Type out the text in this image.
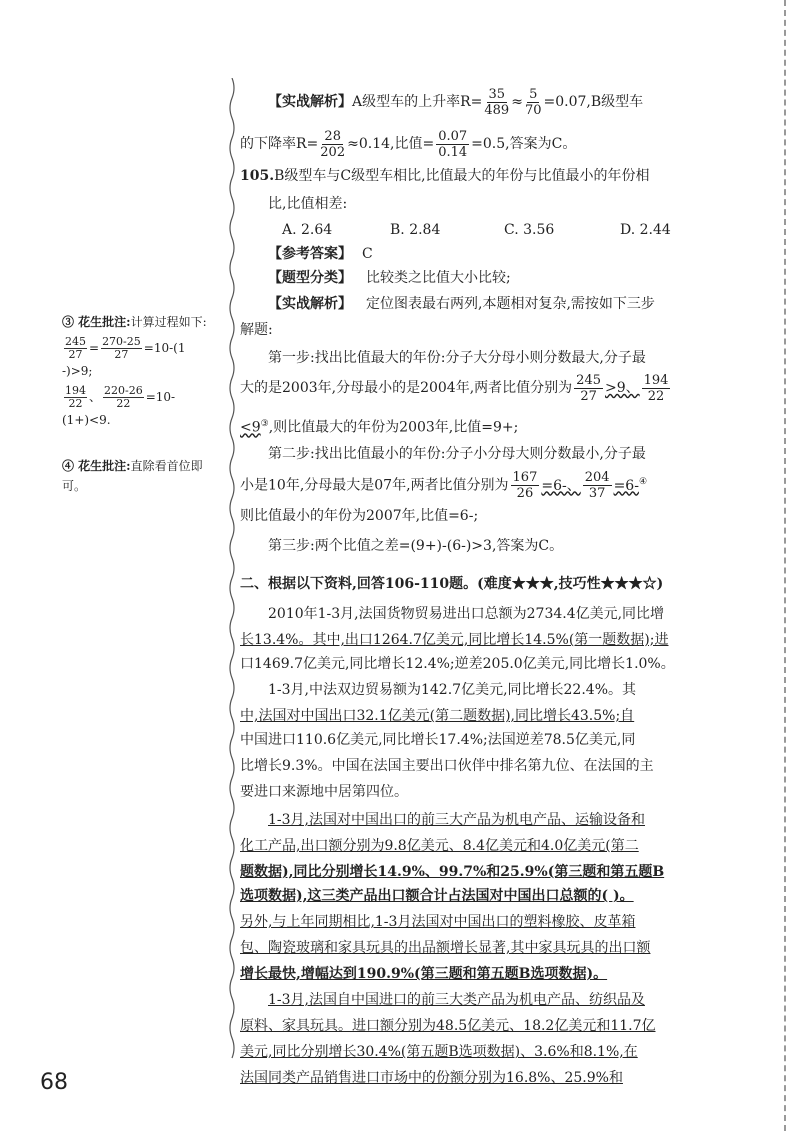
③ 花生批注:计算过程如下:
$\frac{245}{27} = \frac{270-25}{27} =10-(1$
-)>9;
$\frac{194}{22}$ 、 $\frac{220-26}{22} =10-$
(1+)<9.
④ 花生批注:直除看首位即
可。
【实战解析】A级型车的上升率$R= \frac{35}{489} \approx \frac{5}{70} =0.07,B$级型车
的下降率$R= \frac{28}{202} \approx 0.14$,比值= $\frac{0.07}{0.14} =0.5$,答案为C。
105.B级型车与C级型车相比,比值最大的年份与比值最小的年份相
比,比值相差:
A. 2.64	B. 2.84	C. 3.56	D. 2.44
【参考答案】 C
【题型分类】 比较类之比值大小比较;
【实战解析】 定位图表最右两列,本题相对复杂,需按如下三步
解题:
第一步:找出比值最大的年份:分子大分母小则分数最大,分子最
大的是2003年,分母最小的是2004年,两者比值分别为 $\frac{245}{27} >9$、 $\frac{194}{22}$
<9③,则比值最大的年份为2003年,比值=9+;
第二步:找出比值最小的年份:分子小分母大则分数最小,分子最
小是10年,分母最大是07年,两者比值分别为 $\frac{167}{26} =6-$、 $\frac{204}{37} =6-^④$
则比值最小的年份为2007年,比值=6-;
第三步:两个比值之差=(9+)-(6-)>3,答案为C。
二、根据以下资料,回答106-110题。(难度★★★,技巧性★★★☆)
2010年1-3月,法国货物贸易进出口总额为2734.4亿美元,同比增
长13.4%。其中,出口1264.7亿美元,同比增长14.5%(第一题数据);进
口1469.7亿美元,同比增长12.4%;逆差205.0亿美元,同比增长1.0%。
1-3月,中法双边贸易额为142.7亿美元,同比增长22.4%。其
中,法国对中国出口32.1亿美元(第二题数据),同比增长43.5%;自
中国进口110.6亿美元,同比增长17.4%;法国逆差78.5亿美元,同
比增长9.3%。中国在法国主要出口伙伴中排名第九位、在法国的主
要进口来源地中居第四位。
1-3月,法国对中国出口的前三大产品为机电产品、运输设备和
化工产品,出口额分别为9.8亿美元、8.4亿美元和4.0亿美元(第二
题数据),同比分别增长14.9%、99.7%和25.9%(第三题和第五题B
选项数据),这三类产品出口额合计占法国对中国出口总额的( )。
另外,与上年同期相比,1-3月法国对中国出口的塑料橡胶、皮革箱
包、陶瓷玻璃和家具玩具的出品额增长显著,其中家具玩具的出口额
增长最快,增幅达到190.9%(第三题和第五题B选项数据)。
1-3月,法国自中国进口的前三大类产品为机电产品、纺织品及
原料、家具玩具。进口额分别为48.5亿美元、18.2亿美元和11.7亿
美元,同比分别增长30.4%(第五题B选项数据)、3.6%和8.1%,在
法国同类产品销售进口市场中的份额分别为16.8%、25.9%和
68
